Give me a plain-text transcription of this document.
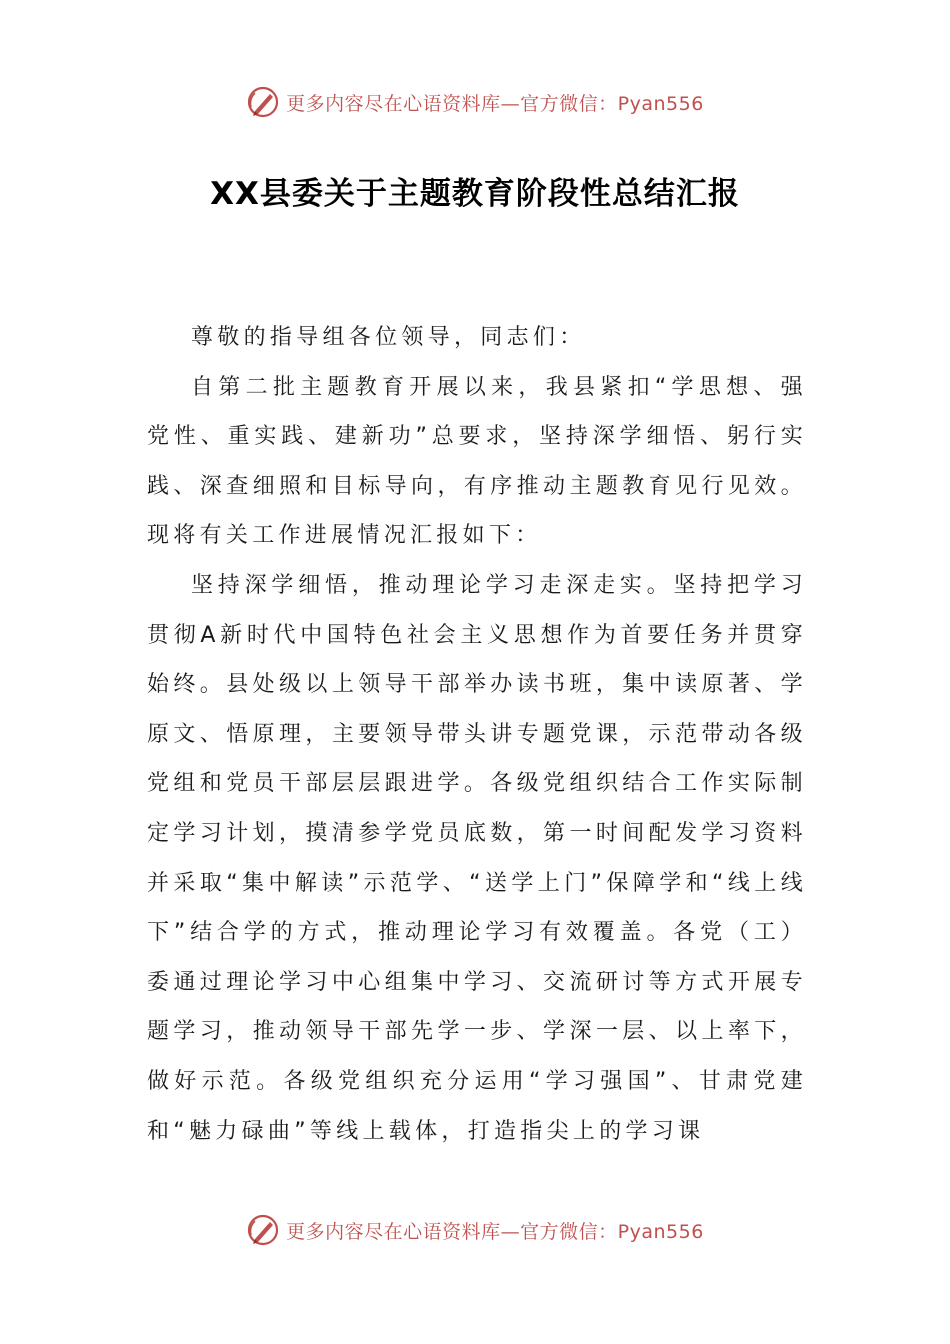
更多内容尽在心语资料库—官方微信：Pyan556
XX县委关于主题教育阶段性总结汇报

尊敬的指导组各位领导，同志们：

自第二批主题教育开展以来，我县紧扣“学思想、强党性、重实践、建新功”总要求，坚持深学细悟、躬行实践、深查细照和目标导向，有序推动主题教育见行见效。现将有关工作进展情况汇报如下：

坚持深学细悟，推动理论学习走深走实。坚持把学习贯彻A新时代中国特色社会主义思想作为首要任务并贯穿始终。县处级以上领导干部举办读书班，集中读原著、学原文、悟原理，主要领导带头讲专题党课，示范带动各级党组和党员干部层层跟进学。各级党组织结合工作实际制定学习计划，摸清参学党员底数，第一时间配发学习资料并采取“集中解读”示范学、“送学上门”保障学和“线上线下”结合学的方式，推动理论学习有效覆盖。各党（工）委通过理论学习中心组集中学习、交流研讨等方式开展专题学习，推动领导干部先学一步、学深一层、以上率下，做好示范。各级党组织充分运用“学习强国”、甘肃党建和“魅力碌曲”等线上载体，打造指尖上的学习课

更多内容尽在心语资料库—官方微信：Pyan556
